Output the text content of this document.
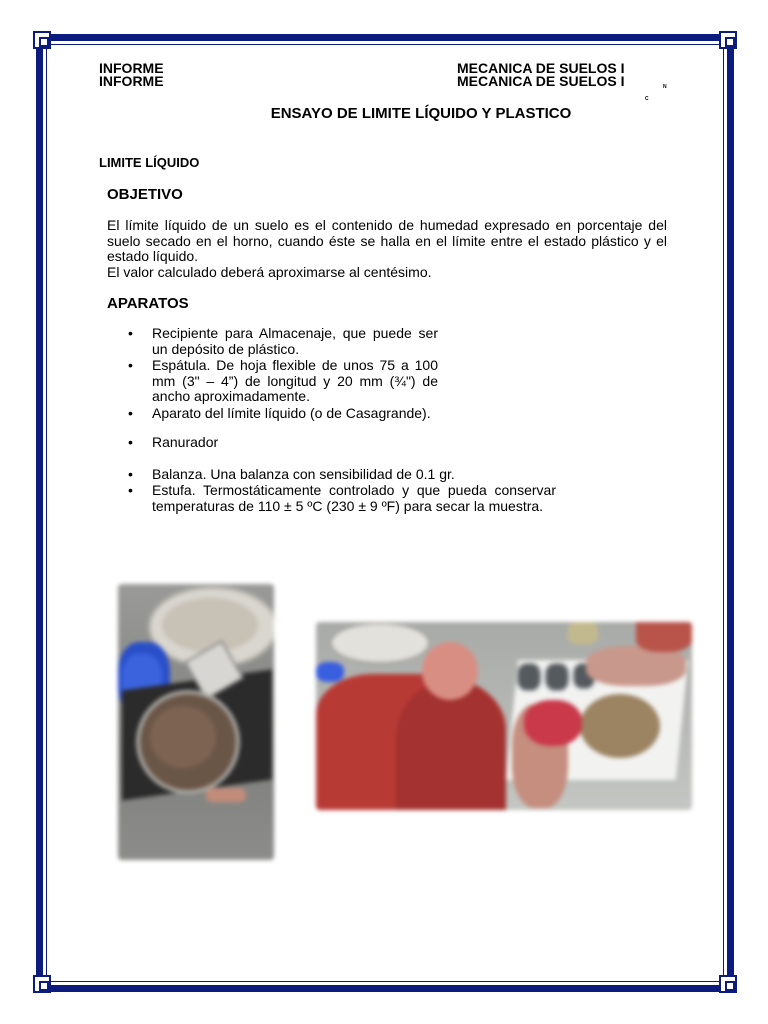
INFORME
INFORME
MECANICA DE SUELOS I
MECANICA DE SUELOS I	N
C
ENSAYO DE LIMITE LÍQUIDO Y PLASTICO
LIMITE LÍQUIDO
OBJETIVO

El límite líquido de un suelo es el contenido de humedad expresado en porcentaje del suelo secado en el horno, cuando éste se halla en el límite entre el estado plástico y el estado líquido.

El valor calculado deberá aproximarse al centésimo.

APARATOS
• Recipiente para Almacenaje, que puede ser un depósito de plástico.
• Espátula. De hoja flexible de unos 75 a 100 mm (3" – 4”) de longitud y 20 mm (¾") de ancho aproximadamente.
• Aparato del límite líquido (o de Casagrande).
• Ranurador
• Balanza. Una balanza con sensibilidad de 0.1 gr.
• Estufa. Termostáticamente controlado y que pueda conservar temperaturas de 110 ± 5 ºC (230 ± 9 ºF) para secar la muestra.
